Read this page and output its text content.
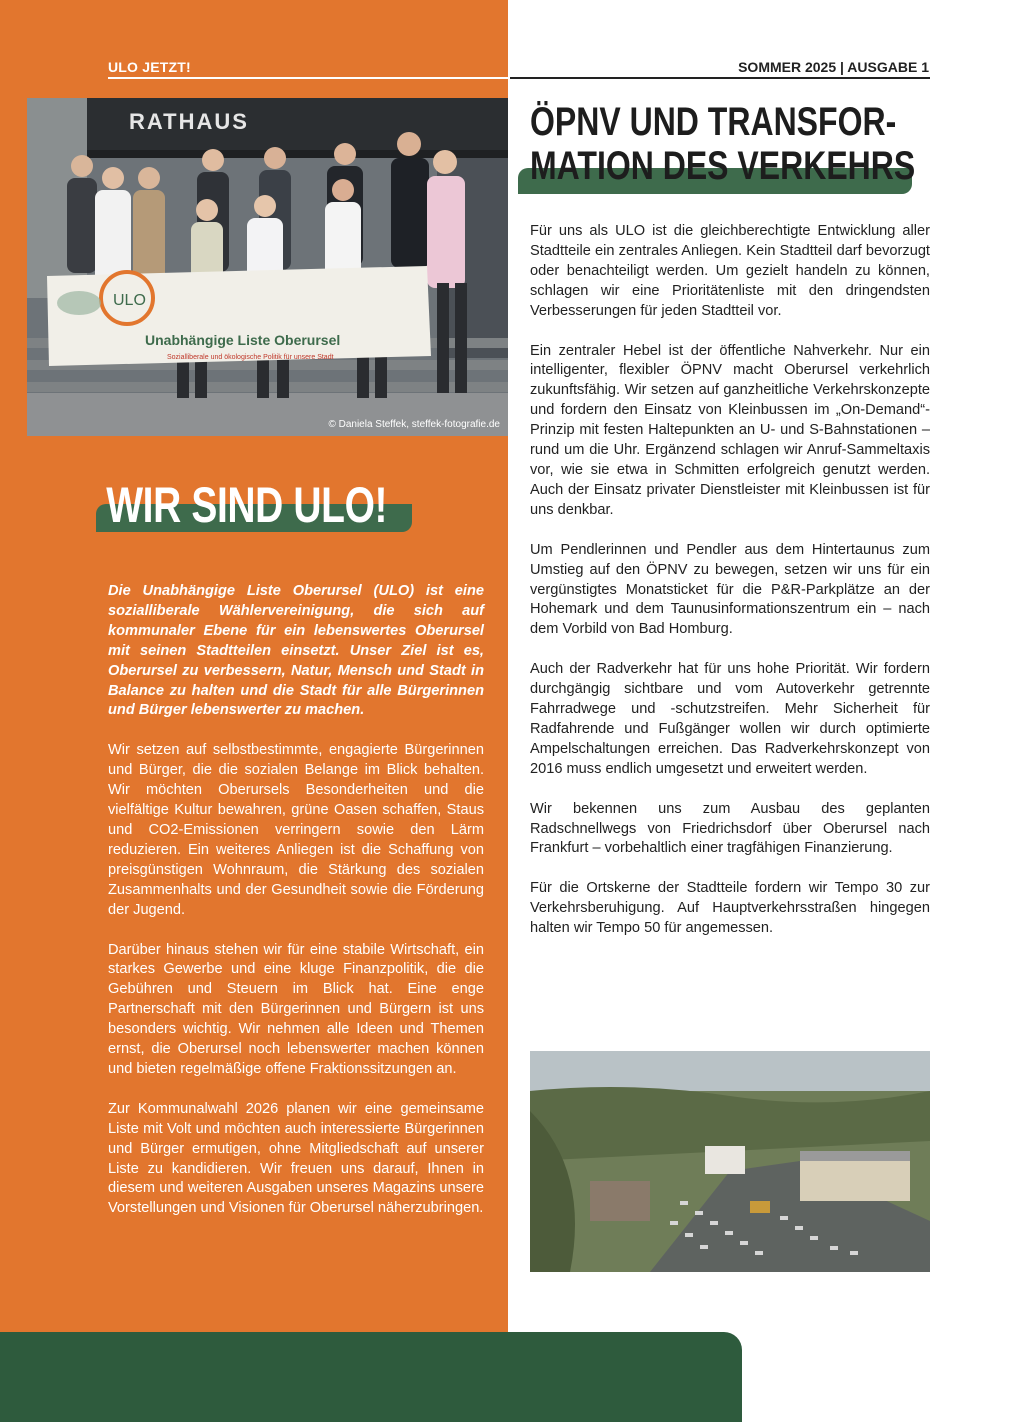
ULO JETZT!	SOMMER 2025 | AUSGABE 1
RATHAUS
ULO
Unabhängige Liste Oberursel
Sozialliberale und ökologische Politik für unsere Stadt
© Daniela Steffek, steffek-fotografie.de
WIR SIND ULO!

Die Unabhängige Liste Oberursel (ULO) ist eine sozialliberale Wählervereinigung, die sich auf kommunaler Ebene für ein lebenswertes Oberursel mit seinen Stadtteilen einsetzt. Unser Ziel ist es, Oberursel zu verbessern, Natur, Mensch und Stadt in Balance zu halten und die Stadt für alle Bürgerinnen und Bürger lebenswerter zu machen.

Wir setzen auf selbstbestimmte, engagierte Bürgerinnen und Bürger, die die sozialen Belange im Blick behalten. Wir möchten Oberursels Besonderheiten und die vielfältige Kultur bewahren, grüne Oasen schaffen, Staus und CO2-Emissionen verringern sowie den Lärm reduzieren. Ein weiteres Anliegen ist die Schaffung von preisgünstigen Wohnraum, die Stärkung des sozialen Zusammenhalts und der Gesundheit sowie die Förderung der Jugend.

Darüber hinaus stehen wir für eine stabile Wirtschaft, ein starkes Gewerbe und eine kluge Finanzpolitik, die die Gebühren und Steuern im Blick hat. Eine enge Partnerschaft mit den Bürgerinnen und Bürgern ist uns besonders wichtig. Wir nehmen alle Ideen und Themen ernst, die Oberursel noch lebenswerter machen können und bieten regelmäßige offene Fraktionssitzungen an.

Zur Kommunalwahl 2026 planen wir eine gemeinsame Liste mit Volt und möchten auch interessierte Bürgerinnen und Bürger ermutigen, ohne Mitgliedschaft auf unserer Liste zu kandidieren. Wir freuen uns darauf, Ihnen in diesem und weiteren Ausgaben unseres Magazins unsere Vorstellungen und Visionen für Oberursel näherzubringen.

ÖPNV UND TRANSFOR-
MATION DES VERKEHRS

Für uns als ULO ist die gleichberechtigte Entwicklung aller Stadtteile ein zentrales Anliegen. Kein Stadtteil darf bevorzugt oder benachteiligt werden. Um gezielt handeln zu können, schlagen wir eine Prioritätenliste mit den dringendsten Verbesserungen für jeden Stadtteil vor.

Ein zentraler Hebel ist der öffentliche Nahverkehr. Nur ein intelligenter, flexibler ÖPNV macht Oberursel verkehrlich zukunftsfähig. Wir setzen auf ganzheitliche Verkehrskonzepte und fordern den Einsatz von Kleinbussen im „On-Demand“-Prinzip mit festen Haltepunkten an U- und S-Bahnstationen – rund um die Uhr. Ergänzend schlagen wir Anruf-Sammeltaxis vor, wie sie etwa in Schmitten erfolgreich genutzt werden. Auch der Einsatz privater Dienstleister mit Kleinbussen ist für uns denkbar.

Um Pendlerinnen und Pendler aus dem Hintertaunus zum Umstieg auf den ÖPNV zu bewegen, setzen wir uns für ein vergünstigtes Monatsticket für die P&R-Parkplätze an der Hohemark und dem Taunusinformationszentrum ein – nach dem Vorbild von Bad Homburg.

Auch der Radverkehr hat für uns hohe Priorität. Wir fordern durchgängig sichtbare und vom Autoverkehr getrennte Fahrradwege und -schutzstreifen. Mehr Sicherheit für Radfahrende und Fußgänger wollen wir durch optimierte Ampelschaltungen erreichen. Das Radverkehrskonzept von 2016 muss endlich umgesetzt und erweitert werden.

Wir bekennen uns zum Ausbau des geplanten Radschnellwegs von Friedrichsdorf über Oberursel nach Frankfurt – vorbehaltlich einer tragfähigen Finanzierung.

Für die Ortskerne der Stadtteile fordern wir Tempo 30 zur Verkehrsberuhigung. Auf Hauptverkehrsstraßen hingegen halten wir Tempo 50 für angemessen.
